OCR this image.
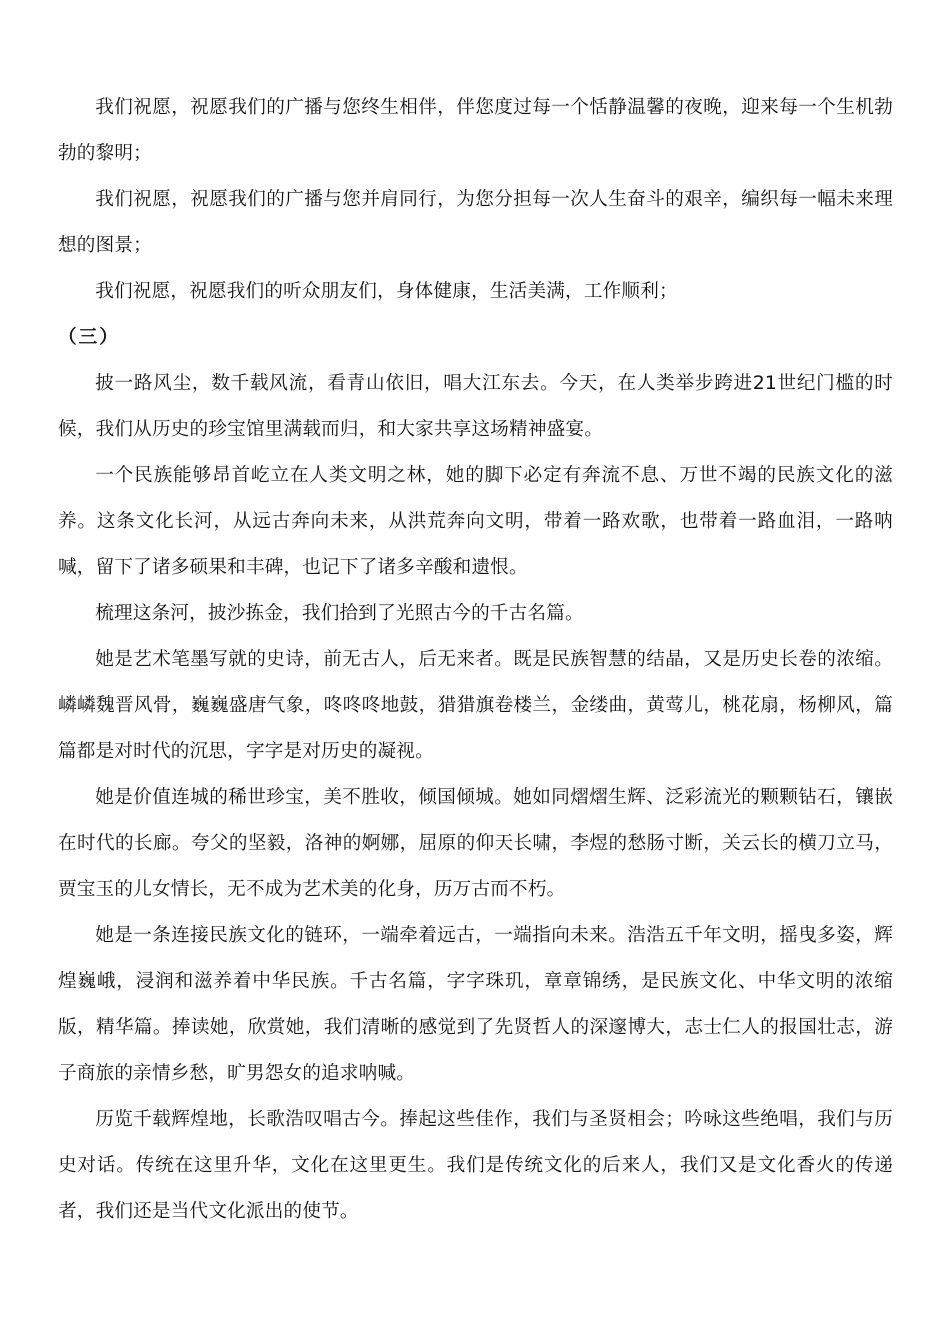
我们祝愿，祝愿我们的广播与您终生相伴，伴您度过每一个恬静温馨的夜晚，迎来每一个生机勃勃的黎明；

我们祝愿，祝愿我们的广播与您并肩同行，为您分担每一次人生奋斗的艰辛，编织每一幅未来理想的图景；

我们祝愿，祝愿我们的听众朋友们，身体健康，生活美满，工作顺利；

（三）

披一路风尘，数千载风流，看青山依旧，唱大江东去。今天，在人类举步跨进21世纪门槛的时候，我们从历史的珍宝馆里满载而归，和大家共享这场精神盛宴。

一个民族能够昂首屹立在人类文明之林，她的脚下必定有奔流不息、万世不竭的民族文化的滋养。这条文化长河，从远古奔向未来，从洪荒奔向文明，带着一路欢歌，也带着一路血泪，一路呐喊，留下了诸多硕果和丰碑，也记下了诸多辛酸和遗恨。

梳理这条河，披沙拣金，我们拾到了光照古今的千古名篇。

她是艺术笔墨写就的史诗，前无古人，后无来者。既是民族智慧的结晶，又是历史长卷的浓缩。嶙嶙魏晋风骨，巍巍盛唐气象，咚咚咚地鼓，猎猎旗卷楼兰，金缕曲，黄莺儿，桃花扇，杨柳风，篇篇都是对时代的沉思，字字是对历史的凝视。

她是价值连城的稀世珍宝，美不胜收，倾国倾城。她如同熠熠生辉、泛彩流光的颗颗钻石，镶嵌在时代的长廊。夸父的坚毅，洛神的婀娜，屈原的仰天长啸，李煜的愁肠寸断，关云长的横刀立马，贾宝玉的儿女情长，无不成为艺术美的化身，历万古而不朽。

她是一条连接民族文化的链环，一端牵着远古，一端指向未来。浩浩五千年文明，摇曳多姿，辉煌巍峨，浸润和滋养着中华民族。千古名篇，字字珠玑，章章锦绣，是民族文化、中华文明的浓缩版，精华篇。捧读她，欣赏她，我们清晰的感觉到了先贤哲人的深邃博大，志士仁人的报国壮志，游子商旅的亲情乡愁，旷男怨女的追求呐喊。

历览千载辉煌地，长歌浩叹唱古今。捧起这些佳作，我们与圣贤相会；吟咏这些绝唱，我们与历史对话。传统在这里升华，文化在这里更生。我们是传统文化的后来人，我们又是文化香火的传递者，我们还是当代文化派出的使节。
